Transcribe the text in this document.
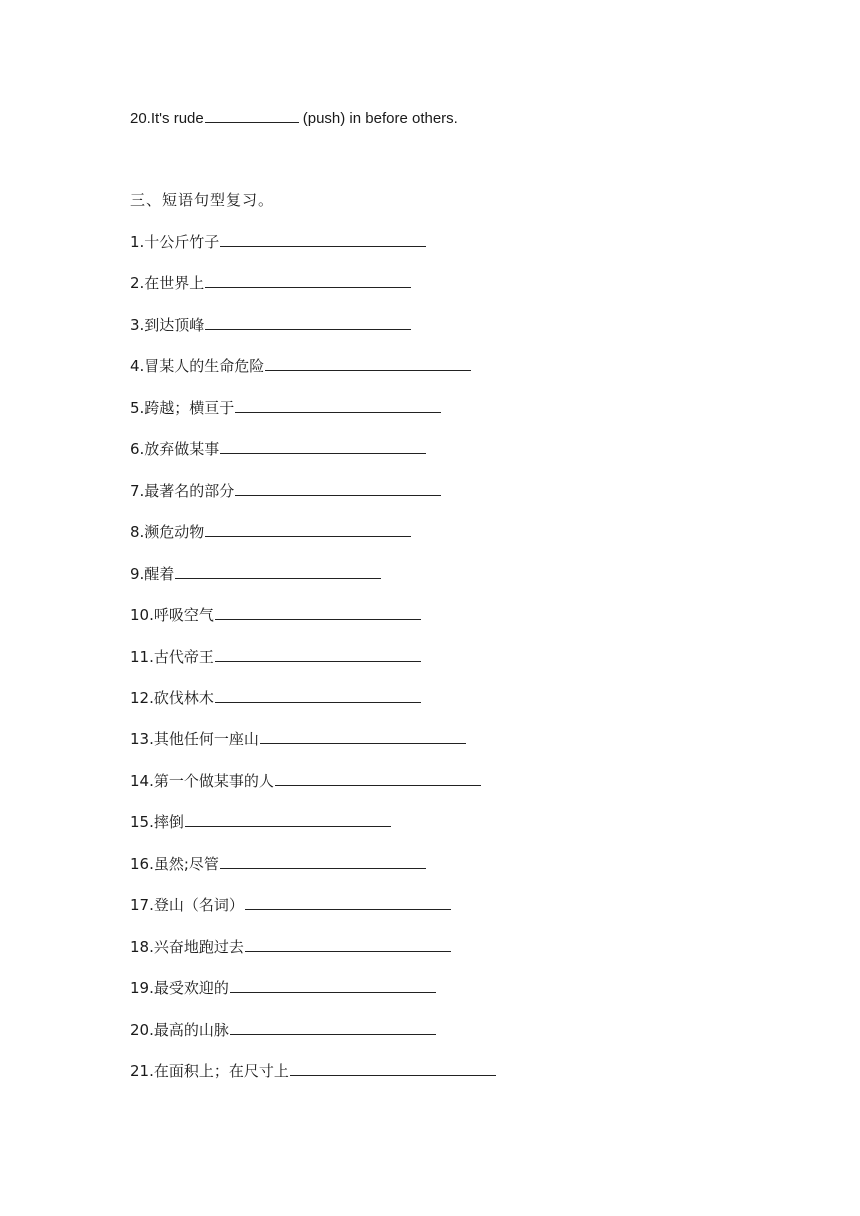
20.It's rude	(push) in before others.
三、短语句型复习。
1.十公斤竹子
2.在世界上
3.到达顶峰
4.冒某人的生命危险
5.跨越；横亘于
6.放弃做某事
7.最著名的部分
8.濒危动物
9.醒着
10.呼吸空气
11.古代帝王
12.砍伐林木
13.其他任何一座山
14.第一个做某事的人
15.摔倒
16.虽然;尽管
17.登山（名词）
18.兴奋地跑过去
19.最受欢迎的
20.最高的山脉
21.在面积上；在尺寸上
